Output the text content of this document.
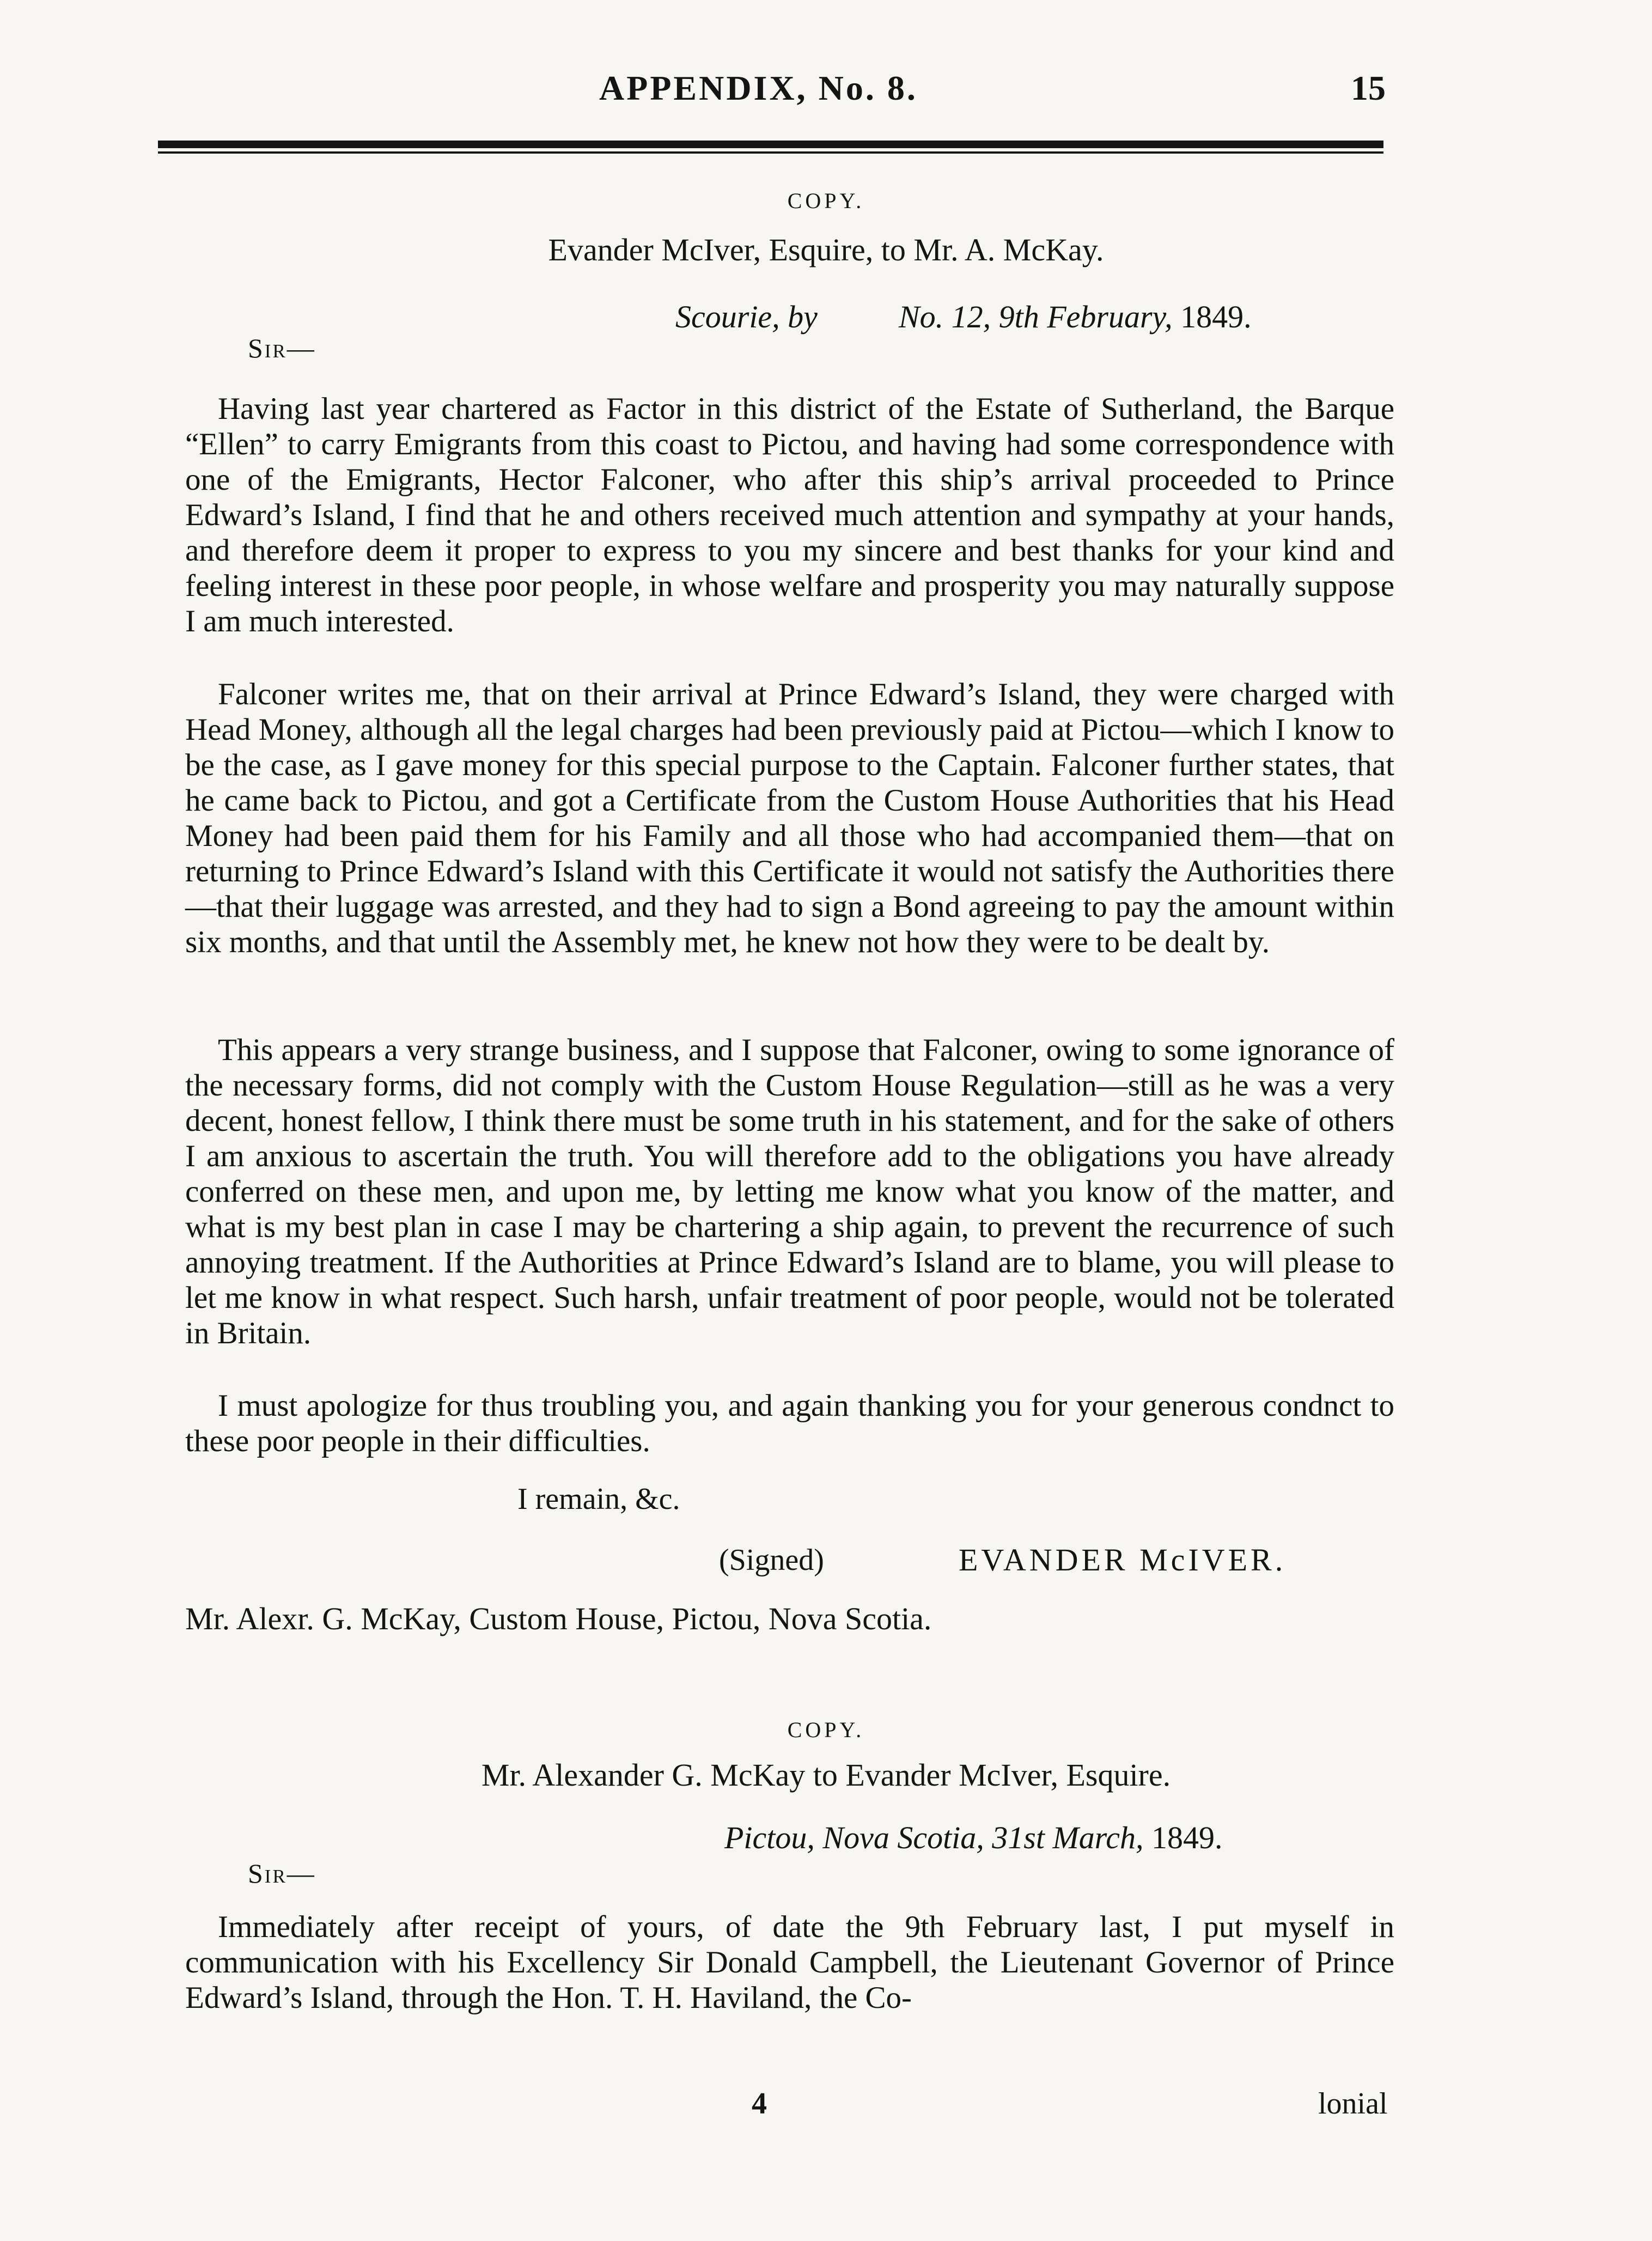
APPENDIX, No. 8.	15
COPY.
Evander McIver, Esquire, to Mr. A. McKay.
Scourie, by	No. 12, 9th February, 1849.
Sir—

Having last year chartered as Factor in this district of the Estate of Sutherland, the Barque “Ellen” to carry Emigrants from this coast to Pictou, and having had some correspondence with one of the Emigrants, Hector Falconer, who after this ship’s arrival proceeded to Prince Edward’s Island, I find that he and others received much attention and sympathy at your hands, and therefore deem it proper to express to you my sincere and best thanks for your kind and feeling interest in these poor people, in whose welfare and prosperity you may naturally suppose I am much interested.

Falconer writes me, that on their arrival at Prince Edward’s Island, they were charged with Head Money, although all the legal charges had been previously paid at Pictou—which I know to be the case, as I gave money for this special purpose to the Captain. Falconer further states, that he came back to Pictou, and got a Certificate from the Custom House Authorities that his Head Money had been paid them for his Family and all those who had accompanied them—that on returning to Prince Edward’s Island with this Certificate it would not satisfy the Authorities there—that their luggage was arrested, and they had to sign a Bond agreeing to pay the amount within six months, and that until the Assembly met, he knew not how they were to be dealt by.

This appears a very strange business, and I suppose that Falconer, owing to some ignorance of the necessary forms, did not comply with the Custom House Regulation—still as he was a very decent, honest fellow, I think there must be some truth in his statement, and for the sake of others I am anxious to ascertain the truth. You will therefore add to the obligations you have already conferred on these men, and upon me, by letting me know what you know of the matter, and what is my best plan in case I may be chartering a ship again, to prevent the recurrence of such annoying treatment. If the Authorities at Prince Edward’s Island are to blame, you will please to let me know in what respect. Such harsh, unfair treatment of poor people, would not be tolerated in Britain.

I must apologize for thus troubling you, and again thanking you for your generous condnct to these poor people in their difficulties.

I remain, &c.
(Signed)	EVANDER McIVER.
Mr. Alexr. G. McKay, Custom House, Pictou, Nova Scotia.
COPY.
Mr. Alexander G. McKay to Evander McIver, Esquire.
Pictou, Nova Scotia, 31st March, 1849.
Sir—

Immediately after receipt of yours, of date the 9th February last, I put myself in communication with his Excellency Sir Donald Campbell, the Lieutenant Governor of Prince Edward’s Island, through the Hon. T. H. Haviland, the Co-

4	lonial
